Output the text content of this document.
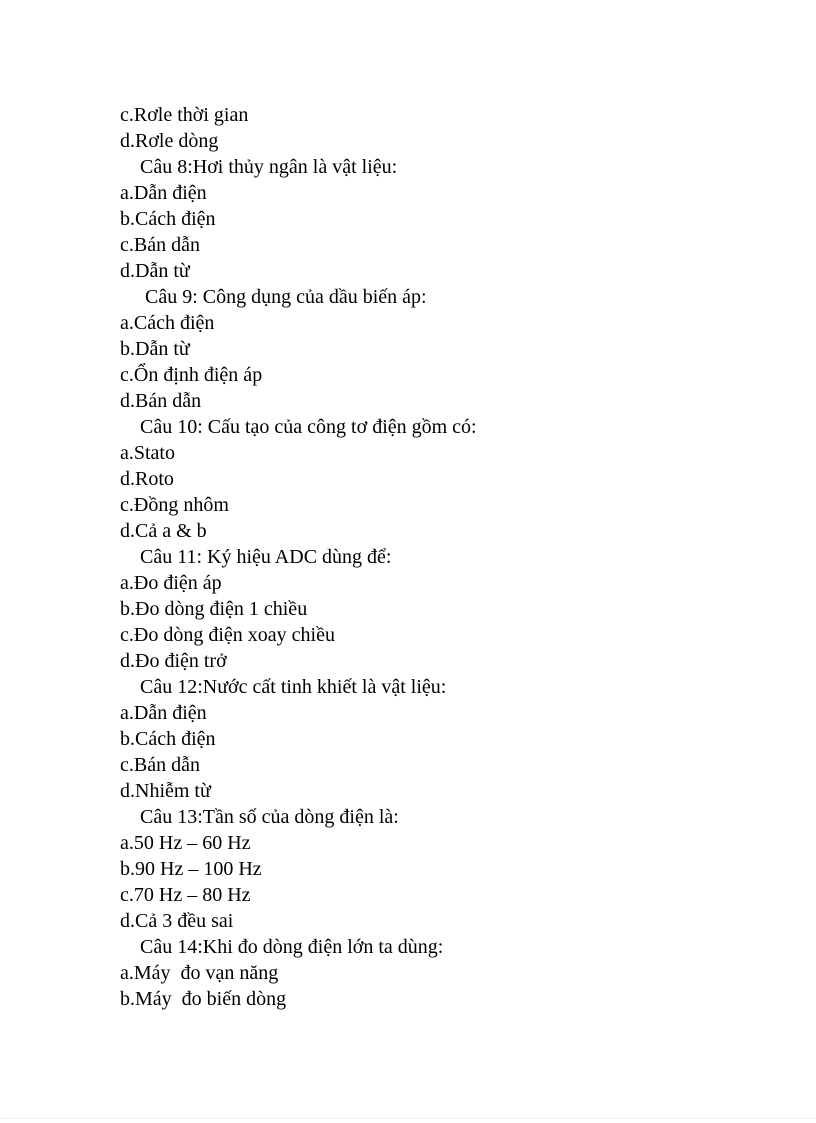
c.Rơle thời gian
d.Rơle dòng
Câu 8:Hơi thủy ngân là vật liệu:
a.Dẫn điện
b.Cách điện
c.Bán dẫn
d.Dẫn từ
Câu 9: Công dụng của dầu biến áp:
a.Cách điện
b.Dẫn từ
c.Ổn định điện áp
d.Bán dẫn
Câu 10: Cấu tạo của công tơ điện gồm có:
a.Stato
d.Roto
c.Đồng nhôm
d.Cả a & b
Câu 11: Ký hiệu ADC dùng để:
a.Đo điện áp
b.Đo dòng điện 1 chiều
c.Đo dòng điện xoay chiều
d.Đo điện trở
Câu 12:Nước cất tinh khiết là vật liệu:
a.Dẫn điện
b.Cách điện
c.Bán dẫn
d.Nhiễm từ
Câu 13:Tần số của dòng điện là:
a.50 Hz – 60 Hz
b.90 Hz – 100 Hz
c.70 Hz – 80 Hz
d.Cả 3 đều sai
Câu 14:Khi đo dòng điện lớn ta dùng:
a.Máy  đo vạn năng
b.Máy  đo biến dòng
